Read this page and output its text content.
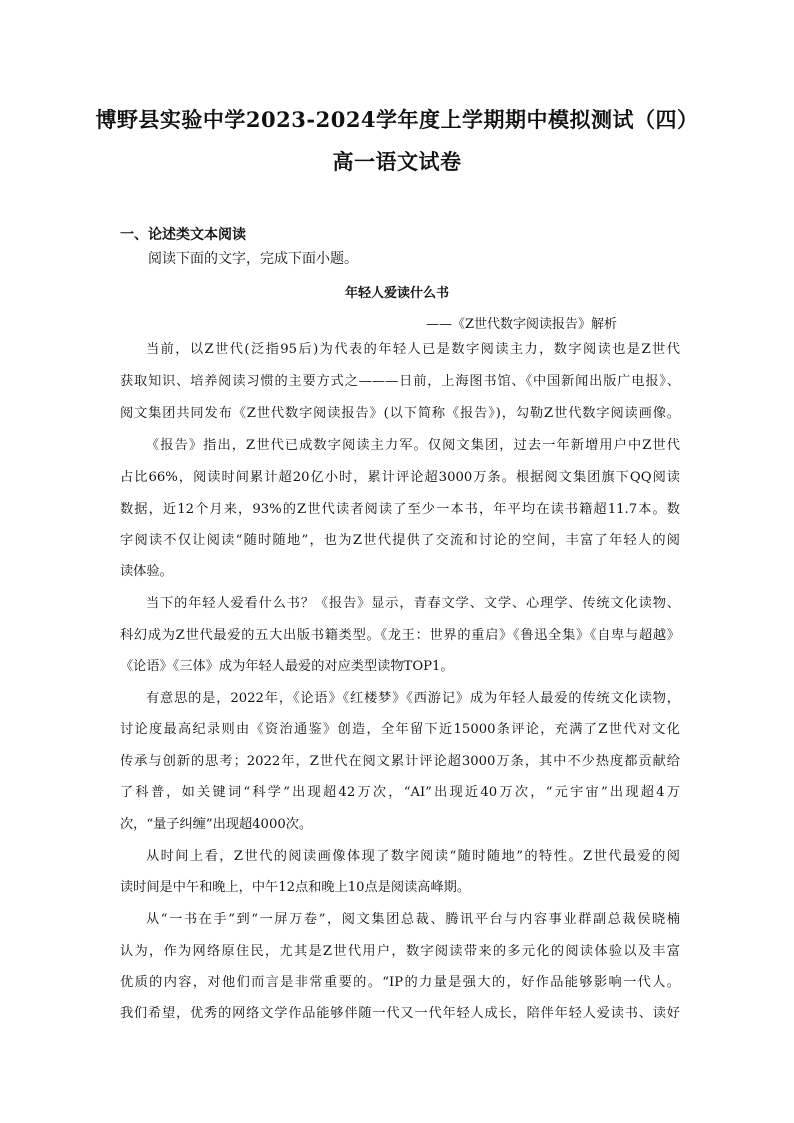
博野县实验中学2023-2024学年度上学期期中模拟测试（四）
高一语文试卷
一、论述类文本阅读
阅读下面的文字，完成下面小题。
年轻人爱读什么书
——《Z世代数字阅读报告》解析
当前，以Z世代(泛指95后)为代表的年轻人已是数字阅读主力，数字阅读也是Z世代
获取知识、培养阅读习惯的主要方式之———日前，上海图书馆、《中国新闻出版广电报》、
阅文集团共同发布《Z世代数字阅读报告》(以下简称《报告》)，勾勒Z世代数字阅读画像。
《报告》指出，Z世代已成数字阅读主力军。仅阅文集团，过去一年新增用户中Z世代
占比66%，阅读时间累计超20亿小时，累计评论超3000万条。根据阅文集团旗下QQ阅读
数据，近12个月来，93%的Z世代读者阅读了至少一本书，年平均在读书籍超11.7本。数
字阅读不仅让阅读“随时随地”，也为Z世代提供了交流和讨论的空间，丰富了年轻人的阅
读体验。
当下的年轻人爱看什么书？《报告》显示，青春文学、文学、心理学、传统文化读物、
科幻成为Z世代最爱的五大出版书籍类型。《龙王：世界的重启》《鲁迅全集》《自卑与超越》
《论语》《三体》成为年轻人最爱的对应类型读物TOP1。
有意思的是，2022年，《论语》《红楼梦》《西游记》成为年轻人最爱的传统文化读物，
讨论度最高纪录则由《资治通鉴》创造，全年留下近15000条评论，充满了Z世代对文化
传承与创新的思考；2022年，Z世代在阅文累计评论超3000万条，其中不少热度都贡献给
了科普，如关键词“科学”出现超42万次，“AI”出现近40万次，“元宇宙”出现超4万
次，“量子纠缠”出现超4000次。
从时间上看，Z世代的阅读画像体现了数字阅读“随时随地”的特性。Z世代最爱的阅
读时间是中午和晚上，中午12点和晚上10点是阅读高峰期。
从“一书在手”到“一屏万卷”，阅文集团总裁、腾讯平台与内容事业群副总裁侯晓楠
认为，作为网络原住民，尤其是Z世代用户，数字阅读带来的多元化的阅读体验以及丰富
优质的内容，对他们而言是非常重要的。“IP的力量是强大的，好作品能够影响一代人。
我们希望，优秀的网络文学作品能够伴随一代又一代年轻人成长，陪伴年轻人爱读书、读好
